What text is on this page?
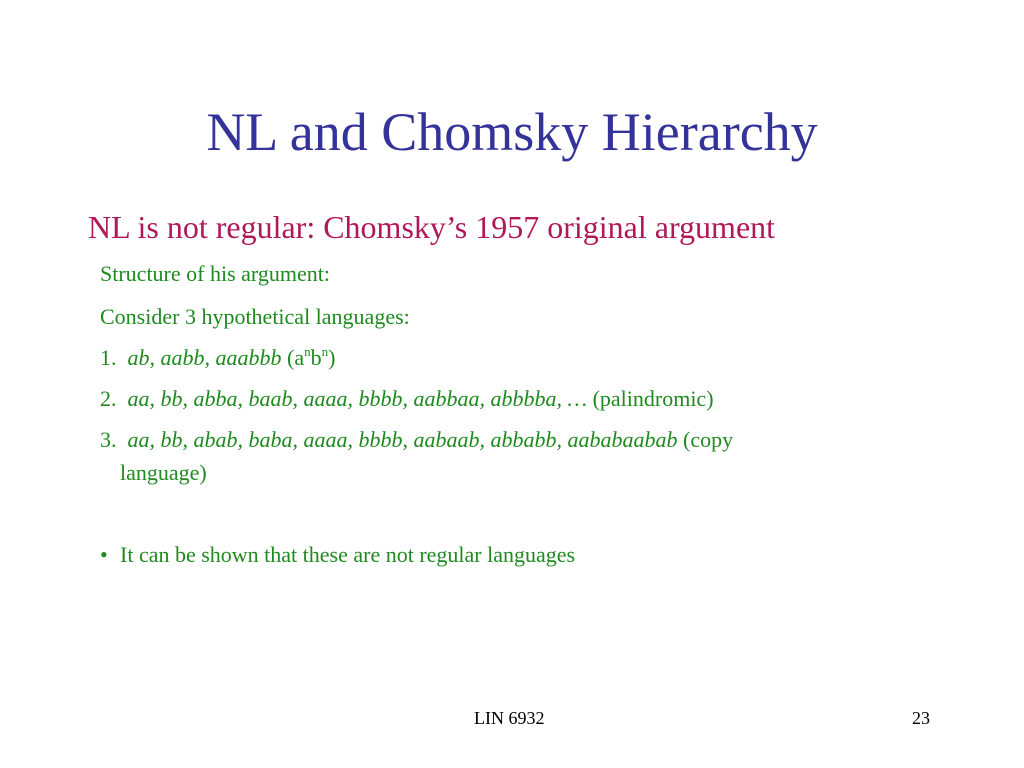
NL and Chomsky Hierarchy
NL is not regular: Chomsky’s 1957 original argument
Structure of his argument:
Consider 3 hypothetical languages:
1. ab, aabb, aaabbb $(a^nb^n)$
2. aa, bb, abba, baab, aaaa, bbbb, aabbaa, abbbba, … (palindromic)
3. aa, bb, abab, baba, aaaa, bbbb, aabaab, abbabb, aababaabab (copy
language)
• It can be shown that these are not regular languages
LIN 6932	23
